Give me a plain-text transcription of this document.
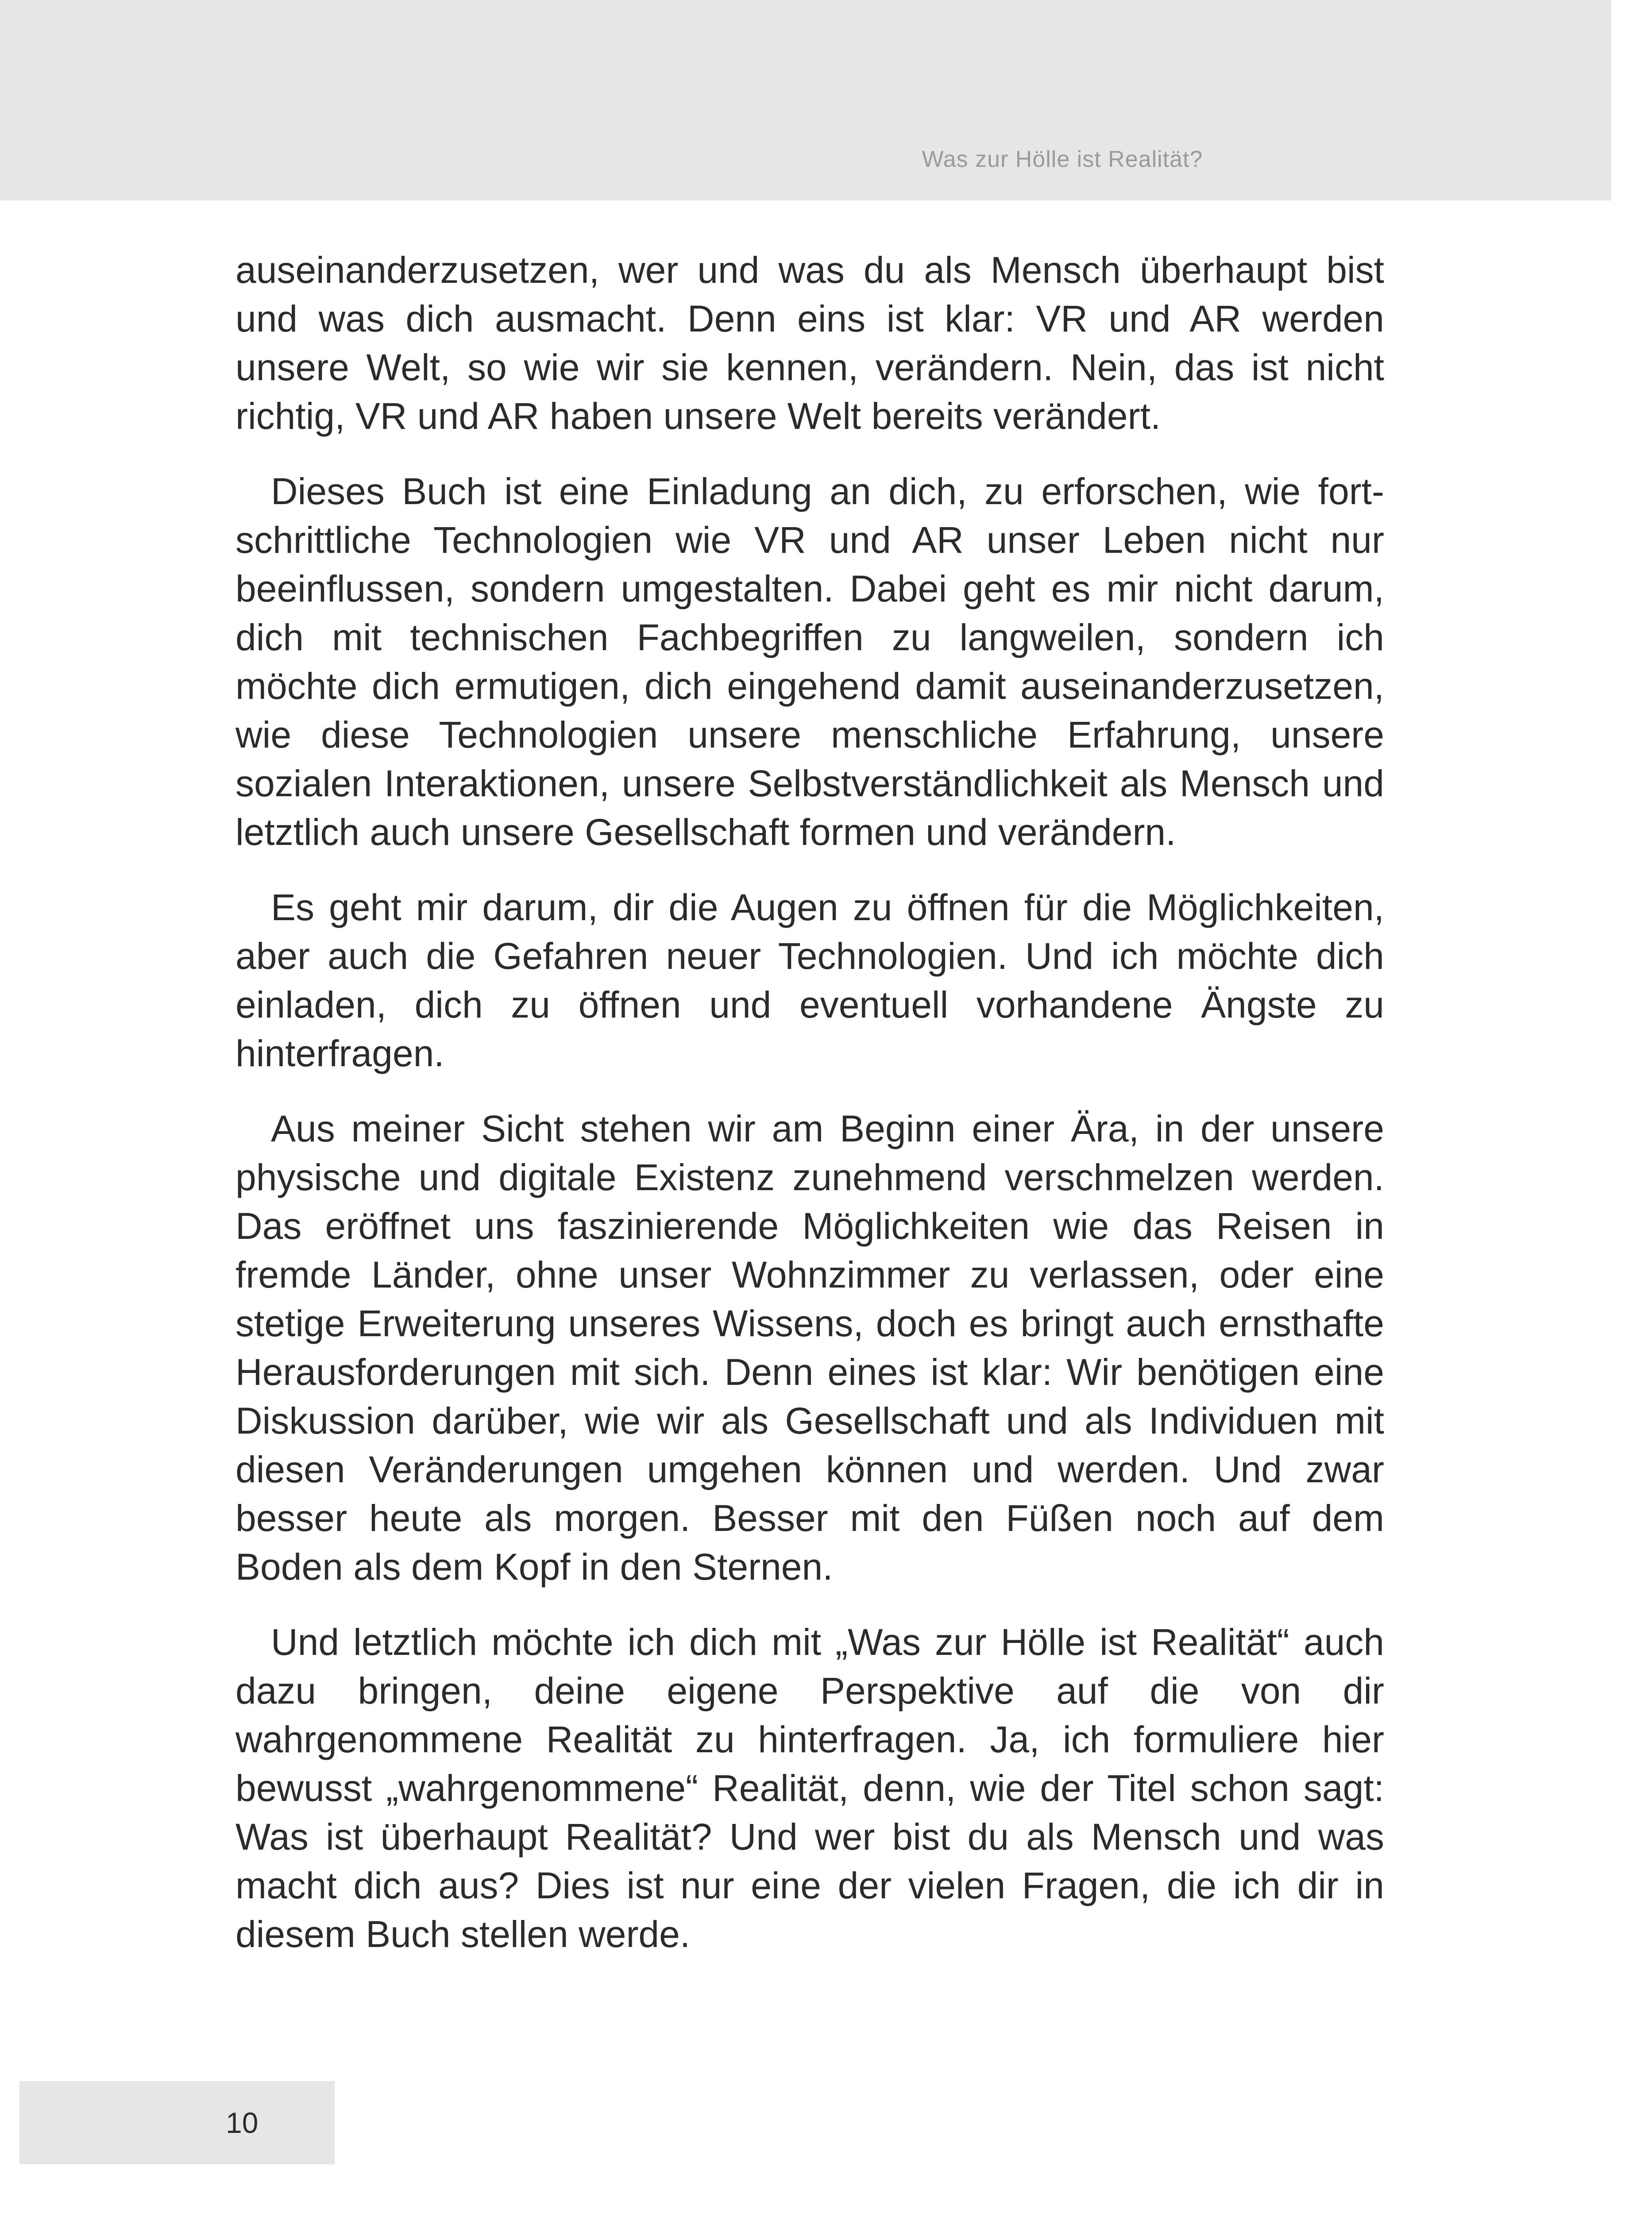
Was zur Hölle ist Realität?

auseinanderzusetzen, wer und was du als Mensch überhaupt bist und was dich ausmacht. Denn eins ist klar: VR und AR werden unsere Welt, so wie wir sie kennen, verändern. Nein, das ist nicht richtig, VR und AR haben unsere Welt bereits verändert.

Dieses Buch ist eine Einladung an dich, zu erforschen, wie fortschrittliche Technologien wie VR und AR unser Leben nicht nur beeinflussen, sondern umgestalten. Dabei geht es mir nicht darum, dich mit technischen Fachbegriffen zu langweilen, sondern ich möchte dich ermutigen, dich eingehend damit auseinanderzusetzen, wie diese Technologien unsere menschliche Erfahrung, unsere sozialen Interaktionen, unsere Selbstverständlichkeit als Mensch und letztlich auch unsere Gesellschaft formen und verändern.

Es geht mir darum, dir die Augen zu öffnen für die Möglichkeiten, aber auch die Gefahren neuer Technologien. Und ich möchte dich einladen, dich zu öffnen und eventuell vorhandene Ängste zu hinterfragen.

Aus meiner Sicht stehen wir am Beginn einer Ära, in der unsere physische und digitale Existenz zunehmend verschmelzen werden. Das eröffnet uns faszinierende Möglichkeiten wie das Reisen in fremde Länder, ohne unser Wohnzimmer zu verlassen, oder eine stetige Erweiterung unseres Wissens, doch es bringt auch ernsthafte Herausforderungen mit sich. Denn eines ist klar: Wir benötigen eine Diskussion darüber, wie wir als Gesellschaft und als Individuen mit diesen Veränderungen umgehen können und werden. Und zwar besser heute als morgen. Besser mit den Füßen noch auf dem Boden als dem Kopf in den Sternen.

Und letztlich möchte ich dich mit „Was zur Hölle ist Realität“ auch dazu bringen, deine eigene Perspektive auf die von dir wahrgenommene Realität zu hinterfragen. Ja, ich formuliere hier bewusst „wahrgenommene“ Realität, denn, wie der Titel schon sagt: Was ist überhaupt Realität? Und wer bist du als Mensch und was macht dich aus? Dies ist nur eine der vielen Fragen, die ich dir in diesem Buch stellen werde.

10
